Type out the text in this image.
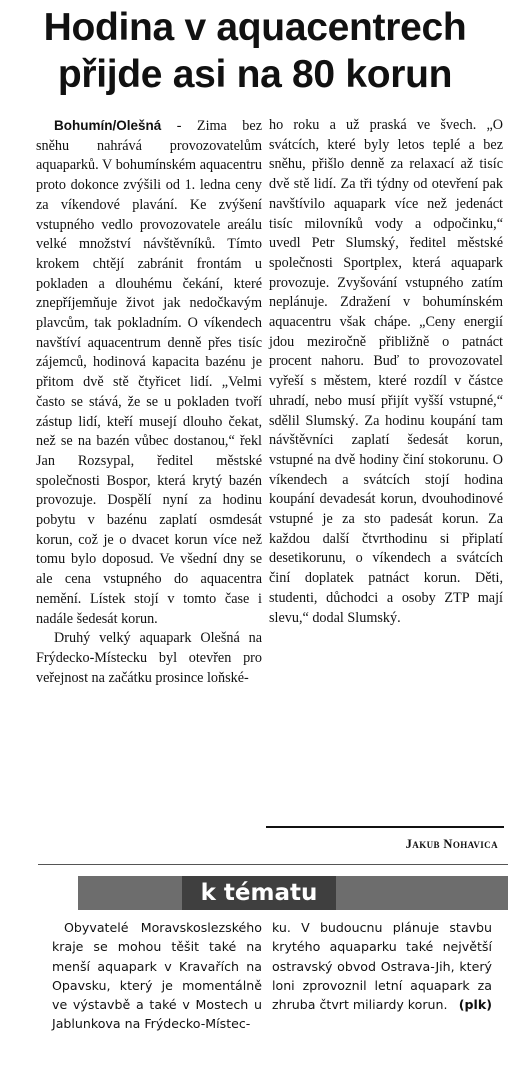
Hodina v aquacentrech
přijde asi na 80 korun

Bohumín/Olešná - Zima bez sněhu nahrává provozovatelům aquaparků. V bohumínském aquacentru proto dokonce zvýšili od 1. ledna ceny za víkendové plavání. Ke zvýšení vstupného vedlo provozovatele areálu velké množství návštěvníků. Tímto krokem chtějí zabránit frontám u pokladen a dlouhému čekání, které znepříjemňuje život jak nedočkavým plavcům, tak pokladním. O víkendech navštíví aquacentrum denně přes tisíc zájemců, hodinová kapacita bazénu je přitom dvě stě čtyřicet lidí. „Velmi často se stává, že se u pokladen tvoří zástup lidí, kteří musejí dlouho čekat, než se na bazén vůbec dostanou,“ řekl Jan Rozsypal, ředitel městské společnosti Bospor, která krytý bazén provozuje. Dospělí nyní za hodinu pobytu v bazénu zaplatí osmdesát korun, což je o dvacet korun více než tomu bylo doposud. Ve všední dny se ale cena vstupného do aquacentra nemění. Lístek stojí v tomto čase i nadále šedesát korun.

Druhý velký aquapark Olešná na Frýdecko-Místecku byl otevřen pro veřejnost na začátku prosince loňské-

ho roku a už praská ve švech. „O svátcích, které byly letos teplé a bez sněhu, přišlo denně za relaxací až tisíc dvě stě lidí. Za tři týdny od otevření pak navštívilo aquapark více než jedenáct tisíc milovníků vody a odpočinku,“ uvedl Petr Slumský, ředitel městské společnosti Sportplex, která aquapark provozuje. Zvyšování vstupného zatím neplánuje. Zdražení v bohumínském aquacentru však chápe. „Ceny energií jdou meziročně přibližně o patnáct procent nahoru. Buď to provozovatel vyřeší s městem, které rozdíl v částce uhradí, nebo musí přijít vyšší vstupné,“ sdělil Slumský. Za hodinu koupání tam návštěvníci zaplatí šedesát korun, vstupné na dvě hodiny činí stokorunu. O víkendech a svátcích stojí hodina koupání devadesát korun, dvouhodinové vstupné je za sto padesát korun. Za každou další čtvrthodinu si připlatí desetikorunu, o víkendech a svátcích činí doplatek patnáct korun. Děti, studenti, důchodci a osoby ZTP mají slevu,“ dodal Slumský.

Jakub Nohavica
k tématu

Obyvatelé Moravskoslezského kraje se mohou těšit také na menší aquapark v Kravařích na Opavsku, který je momentálně ve výstavbě a také v Mostech u Jablunkova na Frýdecko-Místec-

ku. V budoucnu plánuje stavbu krytého aquaparku také největší ostravský obvod Ostrava-Jih, který loni zprovoznil letní aquapark za zhruba čtvrt miliardy korun. (plk)
